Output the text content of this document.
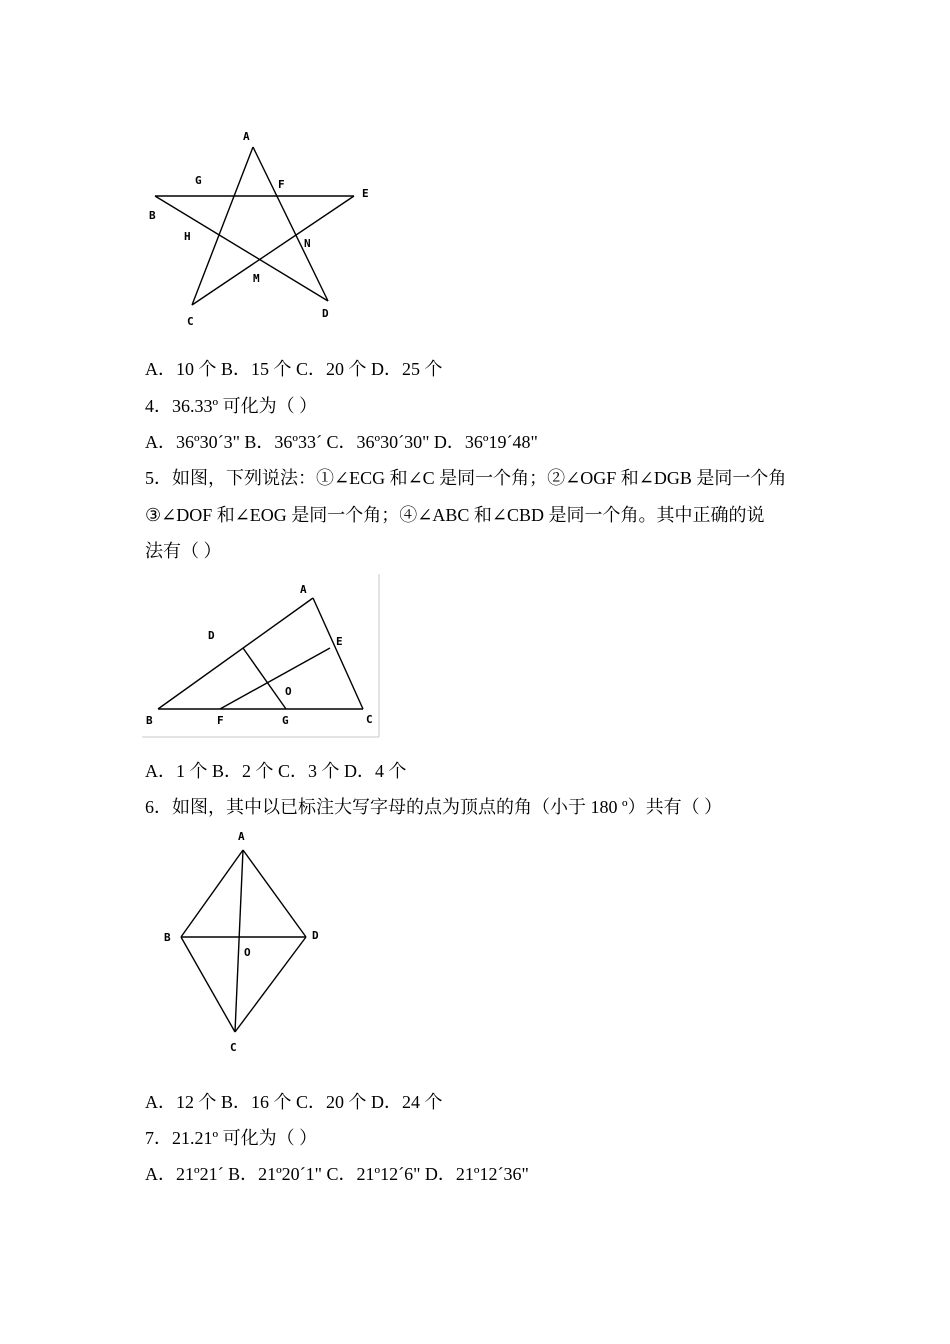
A
G	F
E
B
H
N
M
C
D
A．10 个 B．15 个 C．20 个 D．25 个
4．36.33º 可化为（ ）
A．36º30´3" B．36º33´ C．36º30´30" D．36º19´48"
5．如图，下列说法：①∠ECG 和∠C 是同一个角；②∠OGF 和∠DGB 是同一个角
③∠DOF 和∠EOG 是同一个角；④∠ABC 和∠CBD 是同一个角。其中正确的说
法有（ ）
A
D	E
O
B	F	G	C
A．1 个 B．2 个 C．3 个 D．4 个
6．如图，其中以已标注大写字母的点为顶点的角（小于 180 º）共有（ ）
A
B	D
O
C
A．12 个 B．16 个 C．20 个 D．24 个
7．21.21º 可化为（ ）
A．21º21´ B．21º20´1" C．21º12´6" D．21º12´36"
